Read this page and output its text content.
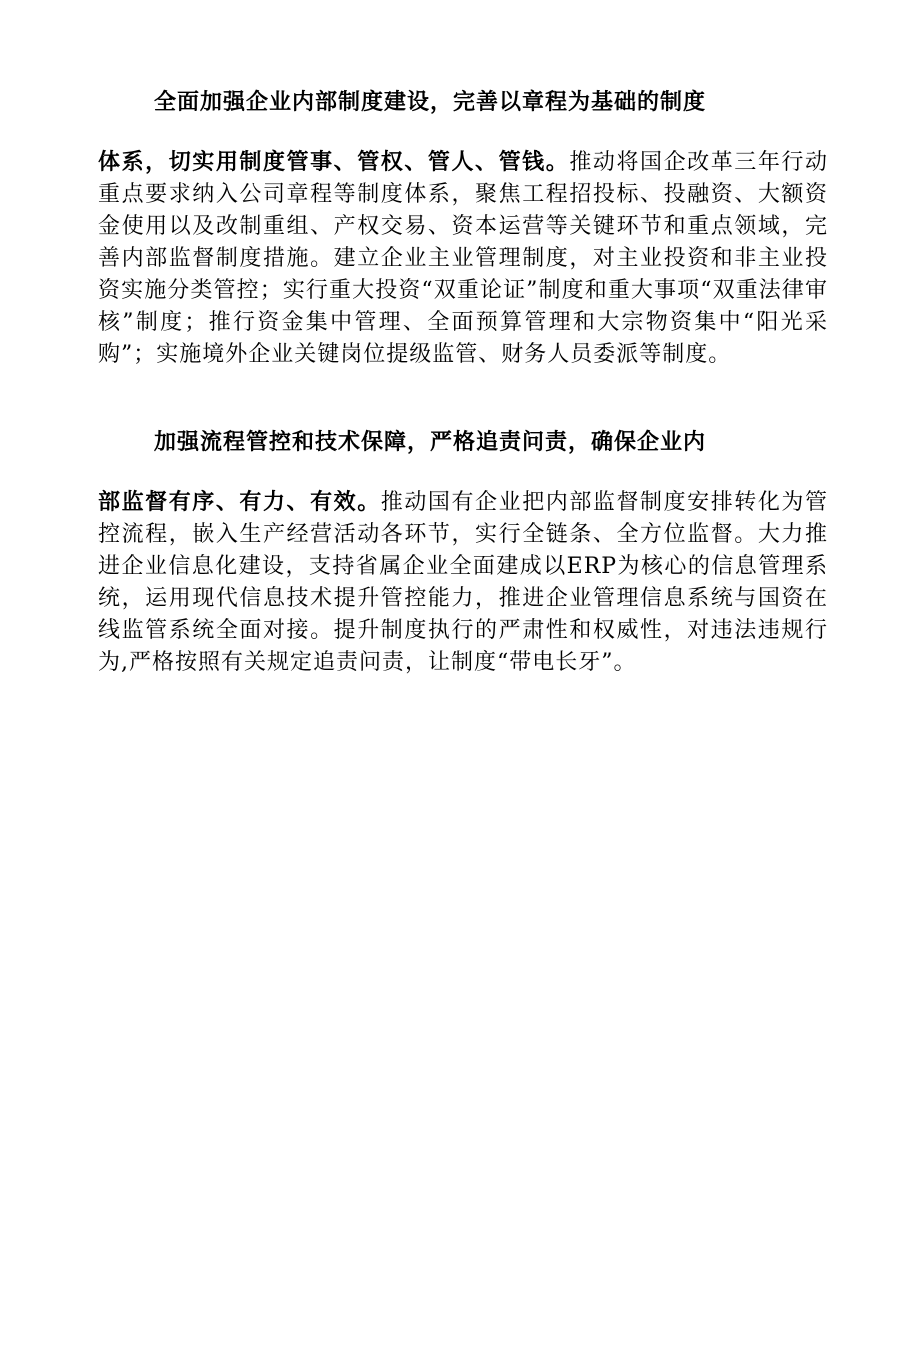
全面加强企业内部制度建设，完善以章程为基础的制度

体系，切实用制度管事、管权、管人、管钱。推动将国企改革三年行动重点要求纳入公司章程等制度体系，聚焦工程招投标、投融资、大额资金使用以及改制重组、产权交易、资本运营等关键环节和重点领域，完善内部监督制度措施。建立企业主业管理制度，对主业投资和非主业投资实施分类管控；实行重大投资“双重论证”制度和重大事项“双重法律审核”制度；推行资金集中管理、全面预算管理和大宗物资集中“阳光采购”；实施境外企业关键岗位提级监管、财务人员委派等制度。

加强流程管控和技术保障，严格追责问责，确保企业内

部监督有序、有力、有效。推动国有企业把内部监督制度安排转化为管控流程，嵌入生产经营活动各环节，实行全链条、全方位监督。大力推进企业信息化建设，支持省属企业全面建成以ERP为核心的信息管理系统，运用现代信息技术提升管控能力，推进企业管理信息系统与国资在线监管系统全面对接。提升制度执行的严肃性和权威性，对违法违规行为,严格按照有关规定追责问责，让制度“带电长牙”。
